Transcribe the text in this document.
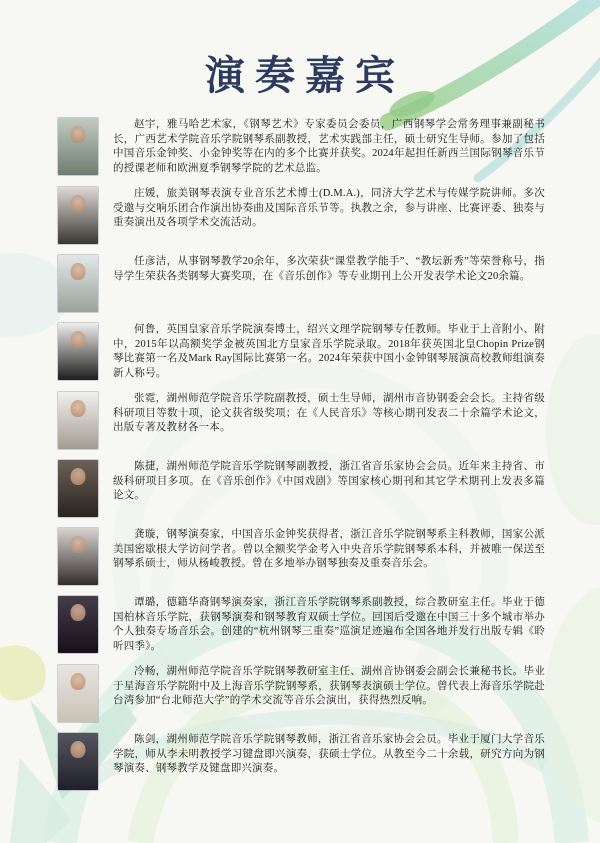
演奏嘉宾

赵宇，雅马哈艺术家，《钢琴艺术》专家委员会委员，广西钢琴学会常务理事兼副秘书长，广西艺术学院音乐学院钢琴系副教授，艺术实践部主任，硕士研究生导师。参加了包括中国音乐金钟奖、小金钟奖等在内的多个比赛并获奖。2024年起担任新西兰国际钢琴音乐节的授课老师和欧洲夏季钢琴学院的艺术总监。

庄媛，旅美钢琴表演专业音乐艺术博士(D.M.A.)，同济大学艺术与传媒学院讲师。多次受邀与交响乐团合作演出协奏曲及国际音乐节等。执教之余，参与讲座、比赛评委、独奏与重奏演出及各项学术交流活动。

任彦洁，从事钢琴教学20余年，多次荣获“课堂教学能手”、“教坛新秀”等荣誉称号，指导学生荣获各类钢琴大赛奖项，在《音乐创作》等专业期刊上公开发表学术论文20余篇。

何鲁，英国皇家音乐学院演奏博士，绍兴文理学院钢琴专任教师。毕业于上音附小、附中，2015年以高额奖学金被英国北方皇家音乐学院录取。2018年获英国北皇Chopin Prize钢琴比赛第一名及Mark Ray国际比赛第一名。2024年荣获中国小金钟钢琴展演高校教师组演奏新人称号。

张霓，湖州师范学院音乐学院副教授，硕士生导师，湖州市音协钢委会会长。主持省级科研项目等数十项，论文获省级奖项；在《人民音乐》等核心期刊发表二十余篇学术论文，出版专著及教材各一本。

陈捷，湖州师范学院音乐学院钢琴副教授，浙江省音乐家协会会员。近年来主持省、市级科研项目多项。在《音乐创作》《中国戏剧》等国家核心期刊和其它学术期刊上发表多篇论文。

龚璇，钢琴演奏家，中国音乐金钟奖获得者，浙江音乐学院钢琴系主科教师，国家公派美国密歇根大学访问学者。曾以全额奖学金考入中央音乐学院钢琴系本科，并被唯一保送至钢琴系硕士，师从杨峻教授。曾在多地举办钢琴独奏及重奏音乐会。

谭璐，德籍华裔钢琴演奏家，浙江音乐学院钢琴系副教授，综合教研室主任。毕业于德国柏林音乐学院，获钢琴演奏和钢琴教育双硕士学位。回国后受邀在中国三十多个城市举办个人独奏专场音乐会。创建的“杭州钢琴三重奏”巡演足迹遍布全国各地并发行出版专辑《聆听四季》。

冷畅，湖州师范学院音乐学院钢琴教研室主任、湖州音协钢委会副会长兼秘书长。毕业于星海音乐学院附中及上海音乐学院钢琴系，获钢琴表演硕士学位。曾代表上海音乐学院赴台湾参加“台北师范大学”的学术交流等音乐会演出，获得热烈反响。

陈剑，湖州师范学院音乐学院钢琴教师，浙江省音乐家协会会员。毕业于厦门大学音乐学院，师从李未明教授学习键盘即兴演奏，获硕士学位。从教至今二十余载，研究方向为钢琴演奏、钢琴教学及键盘即兴演奏。
